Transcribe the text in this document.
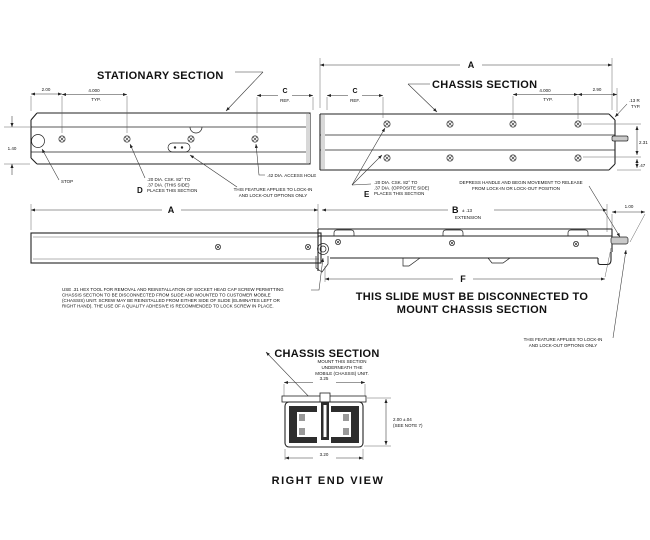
STATIONARY SECTION
CHASSIS SECTION
A
2.00	4.000
TYP.
1.40
C
REF.
C
REF.
4.000
TYP.
2.90
.13 R
TYP.
2.31
.47
STOP	.20 DIA. CSK. 82° TO
.37 DIA. (THIS SIDE)
PLACES THIS SECTION
D
.42 DIA. ACCESS HOLE
THIS FEATURE APPLIES TO LOCK-IN
AND LOCK-OUT OPTIONS ONLY
.20 DIA. CSK. 82° TO
.37 DIA. (OPPOSITE SIDE)
PLACES THIS SECTION
E
DEPRESS HANDLE AND BEGIN MOVEMENT TO RELEASE
FROM LOCK-IN OR LOCK-OUT POSITION
A	B ± .13
EXTENSION
1.00
F
USE .31 HEX TOOL FOR REMOVAL AND REINSTALLATION OF SOCKET HEAD CAP SCREW PERMITTING
CHASSIS SECTION TO BE DISCONNECTED FROM SLIDE AND MOUNTED TO CUSTOMER MOBILE
(CHASSIS) UNIT. SCREW MAY BE REINSTALLED FROM EITHER SIDE OF SLIDE (ELIMINATES LEFT OR
RIGHT HAND). THE USE OF A QUALITY ADHESIVE IS RECOMMENDED TO LOCK SCREW IN PLACE.
THIS SLIDE MUST BE DISCONNECTED TO
MOUNT CHASSIS SECTION
THIS FEATURE APPLIES TO LOCK-IN
AND LOCK-OUT OPTIONS ONLY
CHASSIS SECTION
MOUNT THIS SECTION
UNDERNEATH THE
MOBILE (CHASSIS) UNIT.
3.25
2.00 ±.04
(SEE NOTE 7)
3.20
RIGHT END VIEW
